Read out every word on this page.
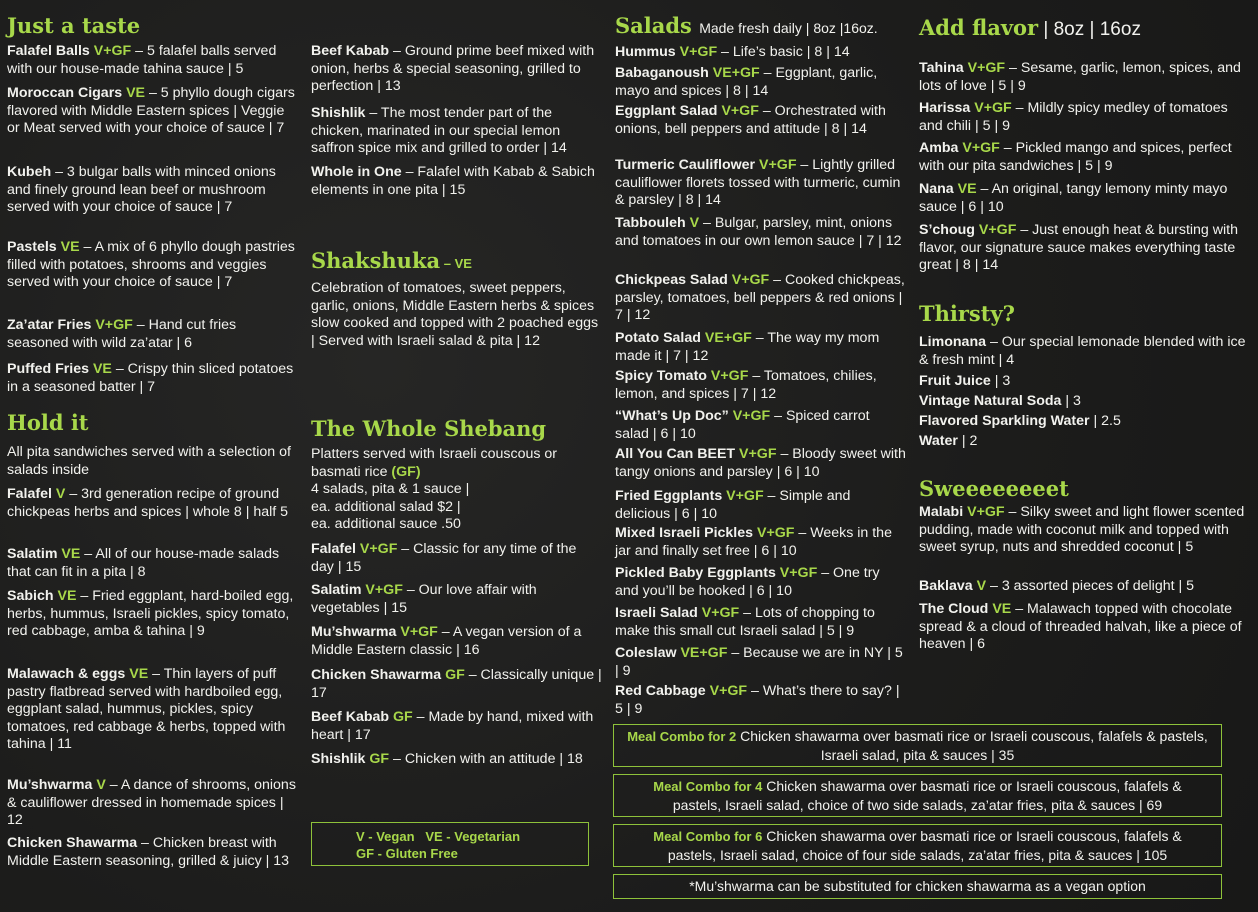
Just a taste
Falafel Balls V+GF – 5 falafel balls served with our house-made tahina sauce | 5
Moroccan Cigars VE – 5 phyllo dough cigars flavored with Middle Eastern spices | Veggie or Meat served with your choice of sauce | 7
Kubeh – 3 bulgar balls with minced onions and finely ground lean beef or mushroom served with your choice of sauce | 7
Pastels VE – A mix of 6 phyllo dough pastries filled with potatoes, shrooms and veggies served with your choice of sauce | 7
Za’atar Fries V+GF – Hand cut fries seasoned with wild za’atar | 6
Puffed Fries VE – Crispy thin sliced potatoes in a seasoned batter | 7
Hold it
All pita sandwiches served with a selection of salads inside
Falafel V – 3rd generation recipe of ground chickpeas herbs and spices | whole 8 | half 5
Salatim VE – All of our house-made salads that can fit in a pita | 8
Sabich VE – Fried eggplant, hard-boiled egg, herbs, hummus, Israeli pickles, spicy tomato, red cabbage, amba & tahina | 9
Malawach & eggs VE – Thin layers of puff pastry flatbread served with hardboiled egg, eggplant salad, hummus, pickles, spicy tomatoes, red cabbage & herbs, topped with tahina | 11
Mu’shwarma V – A dance of shrooms, onions & cauliflower dressed in homemade spices | 12
Chicken Shawarma – Chicken breast with Middle Eastern seasoning, grilled & juicy | 13
Beef Kabab – Ground prime beef mixed with onion, herbs & special seasoning, grilled to perfection | 13
Shishlik – The most tender part of the chicken, marinated in our special lemon saffron spice mix and grilled to order | 14
Whole in One – Falafel with Kabab & Sabich elements in one pita | 15
Shakshuka – VE
Celebration of tomatoes, sweet peppers, garlic, onions, Middle Eastern herbs & spices slow cooked and topped with 2 poached eggs | Served with Israeli salad & pita | 12
The Whole Shebang
Platters served with Israeli couscous or basmati rice (GF)
4 salads, pita & 1 sauce |
ea. additional salad $2 |
ea. additional sauce .50
Falafel V+GF – Classic for any time of the day | 15
Salatim V+GF – Our love affair with vegetables | 15
Mu’shwarma V+GF – A vegan version of a Middle Eastern classic | 16
Chicken Shawarma GF – Classically unique | 17
Beef Kabab GF – Made by hand, mixed with heart | 17
Shishlik GF – Chicken with an attitude | 18
V - Vegan   VE - Vegetarian
GF - Gluten Free
Salads Made fresh daily | 8oz |16oz.
Hummus V+GF – Life’s basic | 8 | 14
Babaganoush VE+GF – Eggplant, garlic, mayo and spices | 8 | 14
Eggplant Salad V+GF – Orchestrated with onions, bell peppers and attitude | 8 | 14
Turmeric Cauliflower V+GF – Lightly grilled cauliflower florets tossed with turmeric, cumin & parsley | 8 | 14
Tabbouleh V – Bulgar, parsley, mint, onions and tomatoes in our own lemon sauce | 7 | 12
Chickpeas Salad V+GF – Cooked chickpeas, parsley, tomatoes, bell peppers & red onions | 7 | 12
Potato Salad VE+GF – The way my mom made it | 7 | 12
Spicy Tomato V+GF – Tomatoes, chilies, lemon, and spices | 7 | 12
“What’s Up Doc” V+GF – Spiced carrot salad | 6 | 10
All You Can BEET V+GF – Bloody sweet with tangy onions and parsley | 6 | 10
Fried Eggplants V+GF – Simple and delicious | 6 | 10
Mixed Israeli Pickles V+GF – Weeks in the jar and finally set free | 6 | 10
Pickled Baby Eggplants V+GF – One try and you’ll be hooked | 6 | 10
Israeli Salad V+GF – Lots of chopping to make this small cut Israeli salad | 5 | 9
Coleslaw VE+GF – Because we are in NY | 5 | 9
Red Cabbage V+GF – What’s there to say? | 5 | 9
Add flavor | 8oz | 16oz
Tahina V+GF – Sesame, garlic, lemon, spices, and lots of love | 5 | 9
Harissa V+GF – Mildly spicy medley of tomatoes and chili | 5 | 9
Amba V+GF – Pickled mango and spices, perfect with our pita sandwiches | 5 | 9
Nana VE – An original, tangy lemony minty mayo sauce | 6 | 10
S’choug V+GF – Just enough heat & bursting with flavor, our signature sauce makes everything taste great | 8 | 14
Thirsty?
Limonana – Our special lemonade blended with ice & fresh mint | 4
Fruit Juice | 3
Vintage Natural Soda | 3
Flavored Sparkling Water | 2.5
Water | 2
Sweeeeeeeet
Malabi V+GF – Silky sweet and light flower scented pudding, made with coconut milk and topped with sweet syrup, nuts and shredded coconut | 5
Baklava V – 3 assorted pieces of delight | 5
The Cloud VE – Malawach topped with chocolate spread & a cloud of threaded halvah, like a piece of heaven | 6
Meal Combo for 2 Chicken shawarma over basmati rice or Israeli couscous, falafels & pastels, Israeli salad, pita & sauces | 35
Meal Combo for 4 Chicken shawarma over basmati rice or Israeli couscous, falafels & pastels, Israeli salad, choice of two side salads, za’atar fries, pita & sauces | 69
Meal Combo for 6 Chicken shawarma over basmati rice or Israeli couscous, falafels & pastels, Israeli salad, choice of four side salads, za’atar fries, pita & sauces | 105
*Mu’shwarma can be substituted for chicken shawarma as a vegan option
